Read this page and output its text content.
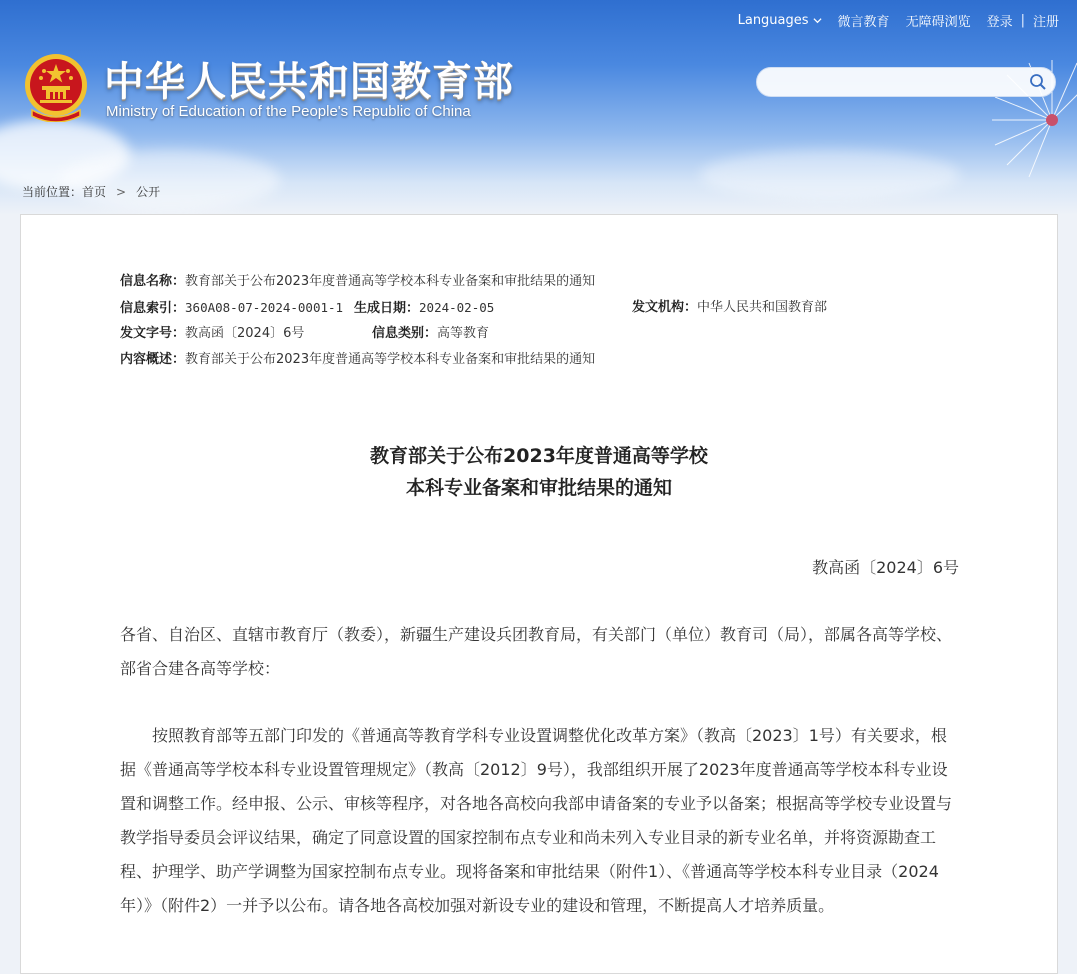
中华人民共和国教育部

Ministry of Education of the People's Republic of China

Languages 微言教育 无障碍浏览 登录 | 注册
当前位置： 首页 > 公开
信息名称：教育部关于公布2023年度普通高等学校本科专业备案和审批结果的通知
信息索引：360A08-07-2024-0001-1 生成日期：2024-02-05	发文机构：中华人民共和国教育部
发文字号：教高函〔2024〕6号	信息类别：高等教育
内容概述：教育部关于公布2023年度普通高等学校本科专业备案和审批结果的通知
教育部关于公布2023年度普通高等学校
本科专业备案和审批结果的通知
教高函〔2024〕6号

各省、自治区、直辖市教育厅（教委），新疆生产建设兵团教育局，有关部门（单位）教育司（局），部属各高等学校、部省合建各高等学校：

按照教育部等五部门印发的《普通高等教育学科专业设置调整优化改革方案》（教高〔2023〕1号）有关要求，根据《普通高等学校本科专业设置管理规定》（教高〔2012〕9号），我部组织开展了2023年度普通高等学校本科专业设置和调整工作。经申报、公示、审核等程序，对各地各高校向我部申请备案的专业予以备案；根据高等学校专业设置与教学指导委员会评议结果，确定了同意设置的国家控制布点专业和尚未列入专业目录的新专业名单，并将资源勘查工程、护理学、助产学调整为国家控制布点专业。现将备案和审批结果（附件1）、《普通高等学校本科专业目录（2024年）》（附件2）一并予以公布。请各地各高校加强对新设专业的建设和管理，不断提高人才培养质量。
